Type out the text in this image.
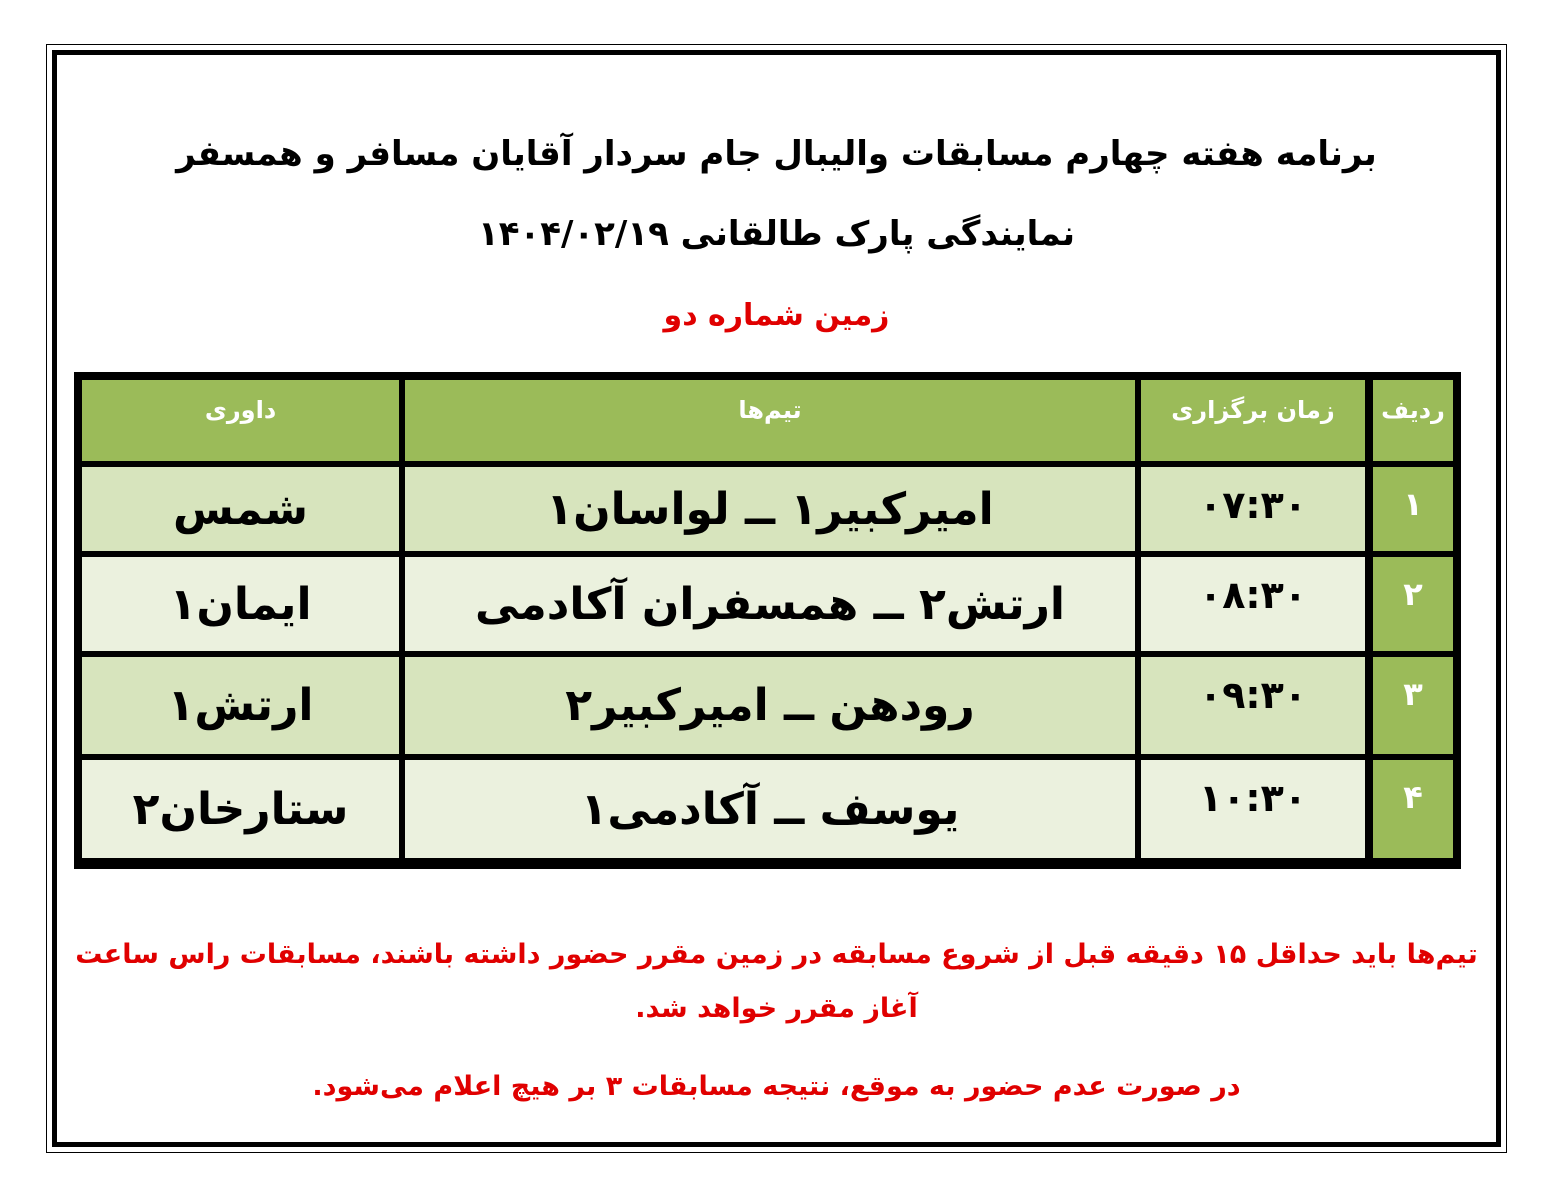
برنامه هفته چهارم مسابقات والیبال جام سردار آقایان مسافر و همسفر
نمایندگی پارک طالقانی ۱۴۰۴/۰۲/۱۹
زمین شماره دو
ردیف
زمان برگزاری
تیم‌ها
داوری
۱
۰۷:۳۰
امیرکبیر۱ ــ لواسان۱
شمس
۲
۰۸:۳۰
ارتش۲ ــ همسفران آکادمی
ایمان۱
۳
۰۹:۳۰
رودهن ــ امیرکبیر۲
ارتش۱
۴
۱۰:۳۰
یوسف ــ آکادمی۱
ستارخان۲
تیم‌ها باید حداقل ۱۵ دقیقه قبل از شروع مسابقه در زمین مقرر حضور داشته باشند، مسابقات راس ساعت آغاز مقرر خواهد شد.
در صورت عدم حضور به موقع، نتیجه مسابقات ۳ بر هیچ اعلام می‌شود.
